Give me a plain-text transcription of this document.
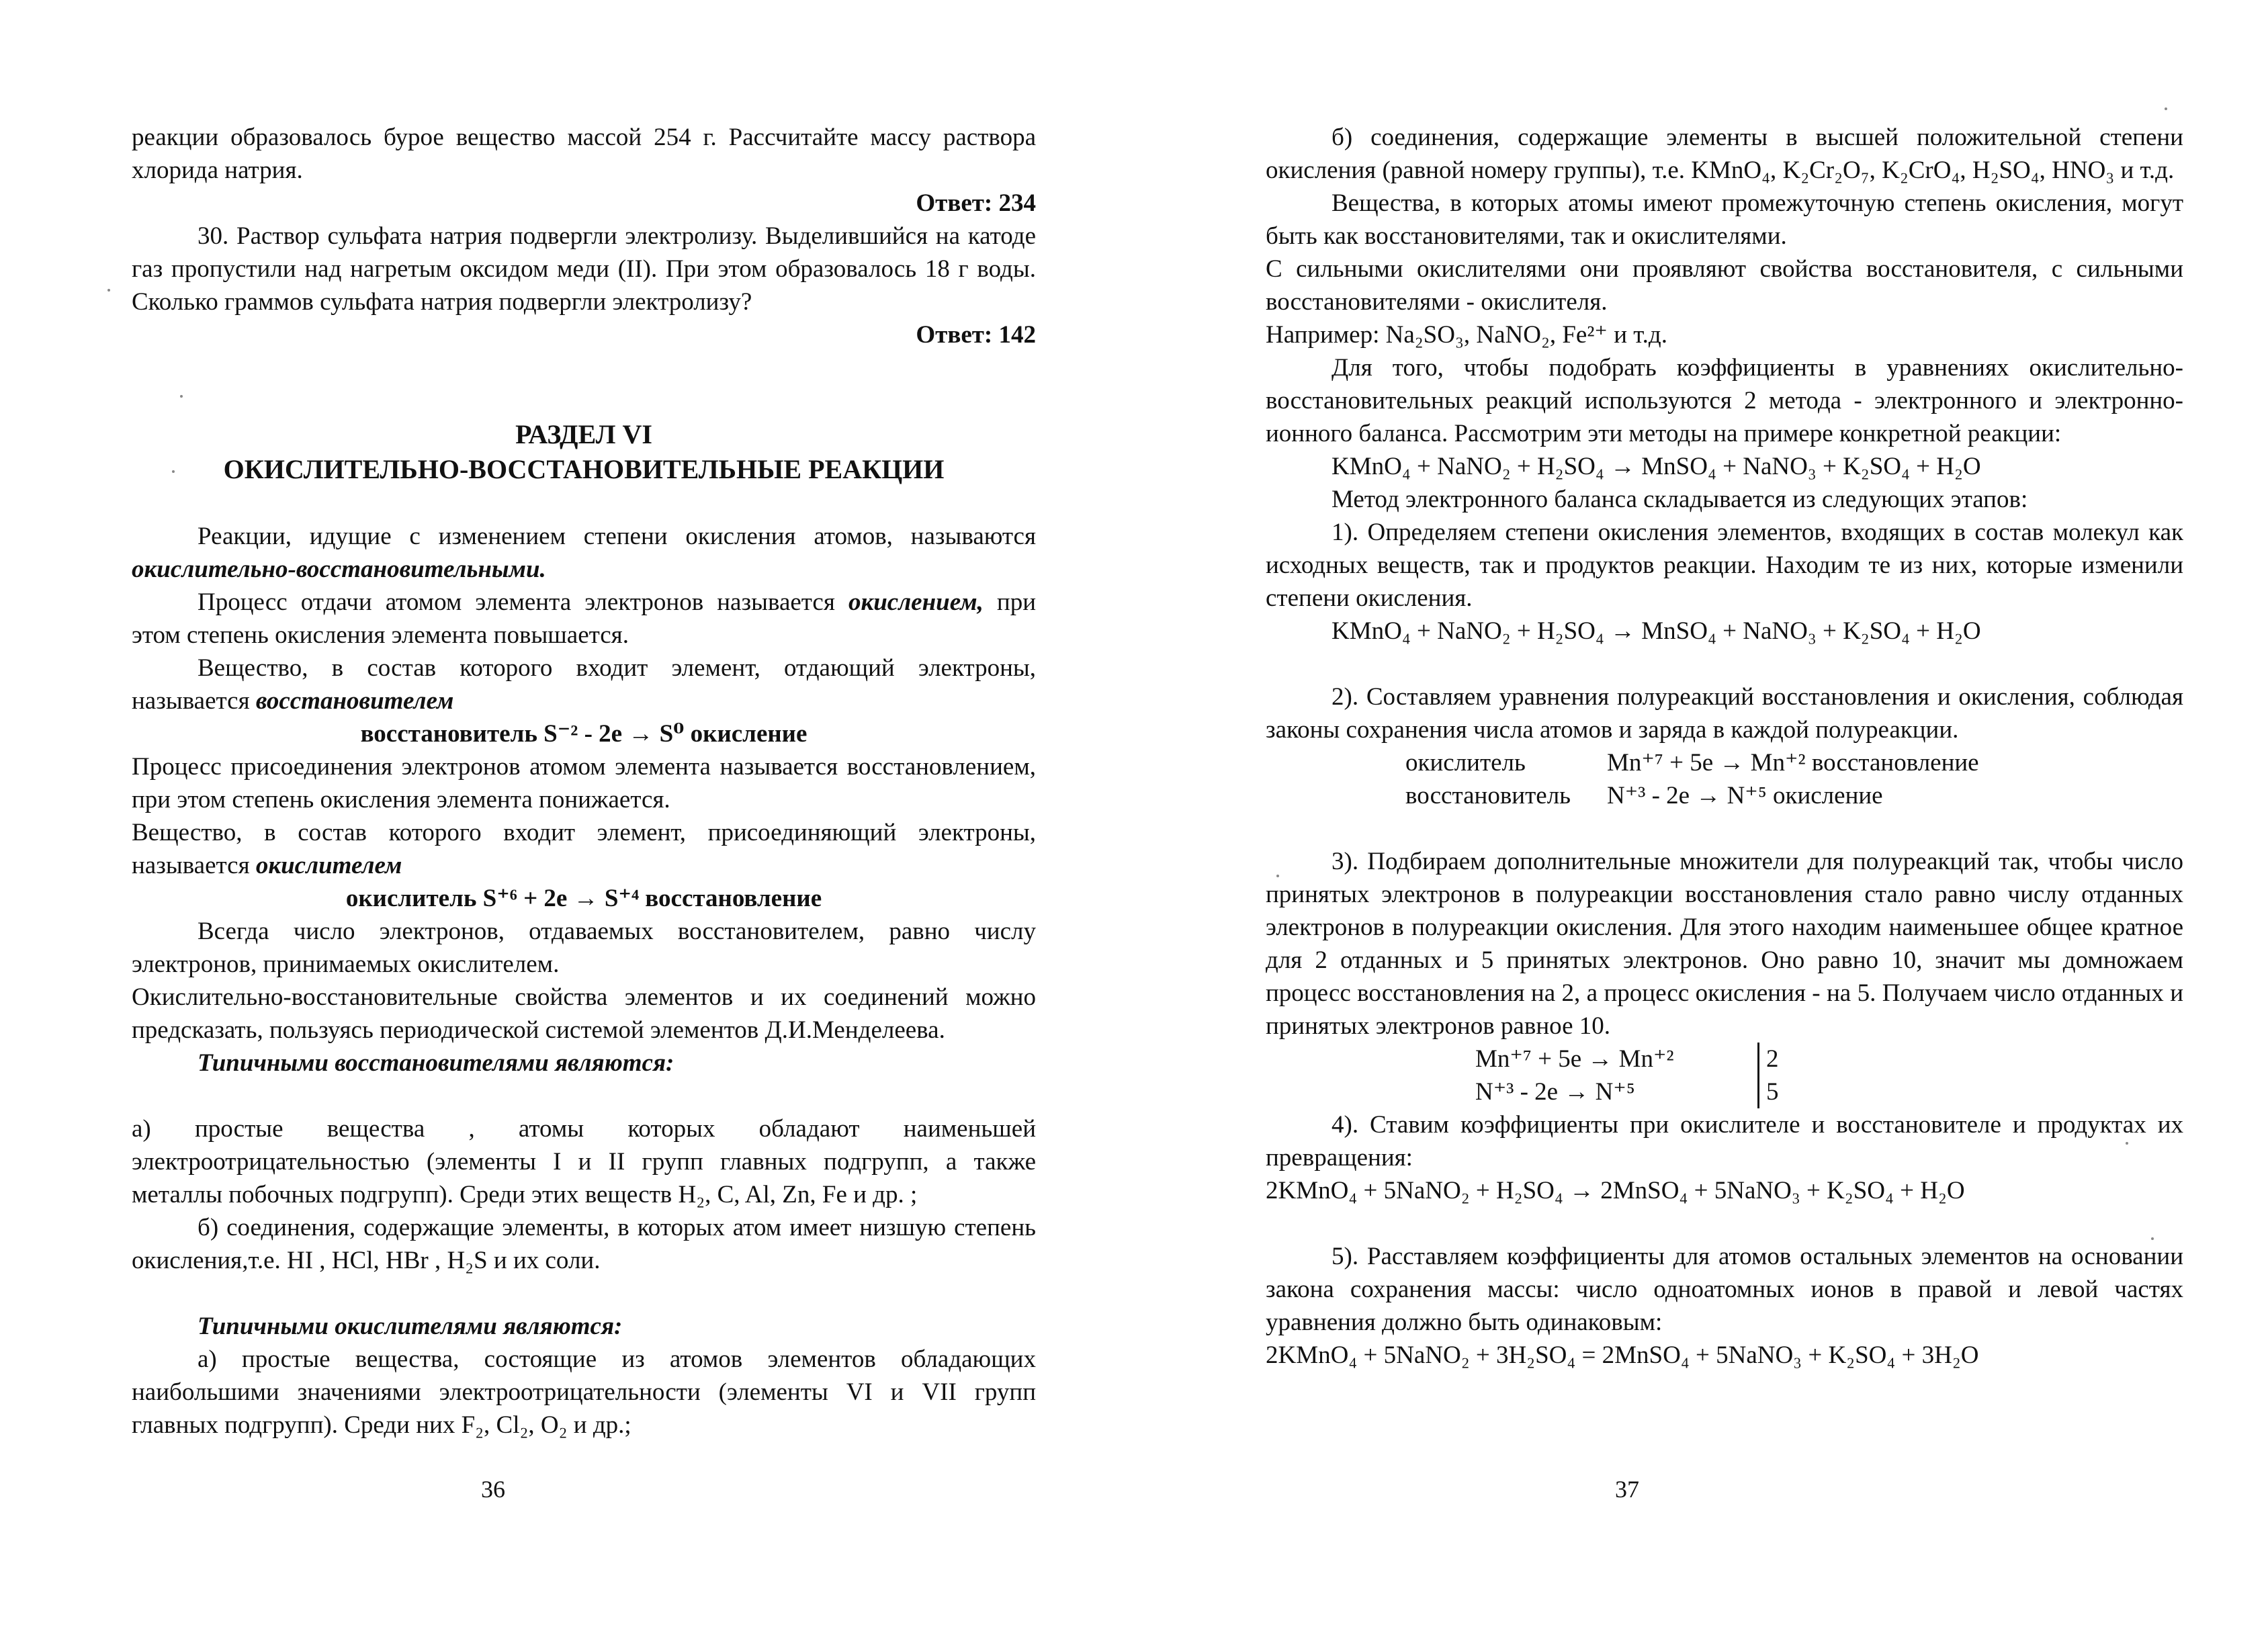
реакции образовалось бурое вещество массой 254 г. Рассчитайте массу раствора хлорида натрия.

Ответ: 234

30. Раствор сульфата натрия подвергли электролизу. Выделившийся на катоде газ пропустили над нагретым оксидом меди (II). При этом образовалось 18 г воды. Сколько граммов сульфата натрия подвергли электролизу?

Ответ: 142

РАЗДЕЛ VI
ОКИСЛИТЕЛЬНО-ВОССТАНОВИТЕЛЬНЫЕ РЕАКЦИИ

Реакции, идущие с изменением степени окисления атомов, называются окислительно-восстановительными.

Процесс отдачи атомом элемента электронов называется окислением, при этом степень окисления элемента повышается.

Вещество, в состав которого входит элемент, отдающий электроны, называется восстановителем

восстановитель S⁻² - 2e → S⁰ окисление

Процесс присоединения электронов атомом элемента называется восстановлением, при этом степень окисления элемента понижается.

Вещество, в состав которого входит элемент, присоединяющий электроны, называется окислителем

окислитель S⁺⁶ + 2e → S⁺⁴ восстановление

Всегда число электронов, отдаваемых восстановителем, равно числу электронов, принимаемых окислителем.

Окислительно-восстановительные свойства элементов и их соединений можно предсказать, пользуясь периодической системой элементов Д.И.Менделеева.

Типичными восстановителями являются:

а) простые вещества , атомы которых обладают наименьшей электроотрицательностью (элементы I и II групп главных подгрупп, а также металлы побочных подгрупп). Среди этих веществ H₂, C, Al, Zn, Fe и др. ;

б) соединения, содержащие элементы, в которых атом имеет низшую степень окисления,т.е. HI , HCl, HBr , H₂S и их соли.

Типичными окислителями являются:

а) простые вещества, состоящие из атомов элементов обладающих наибольшими значениями электроотрицательности (элементы VI и VII групп главных подгрупп). Среди них F₂, Cl₂, O₂ и др.;

36

б) соединения, содержащие элементы в высшей положительной степени окисления (равной номеру группы), т.е. KMnO₄, K₂Cr₂O₇, K₂CrO₄, H₂SO₄, HNO₃ и т.д.

Вещества, в которых атомы имеют промежуточную степень окисления, могут быть как восстановителями, так и окислителями.

С сильными окислителями они проявляют свойства восстановителя, с сильными восстановителями - окислителя.

Например: Na₂SO₃, NaNO₂, Fe²⁺ и т.д.

Для того, чтобы подобрать коэффициенты в уравнениях окислительно-восстановительных реакций используются 2 метода - электронного и электронно-ионного баланса. Рассмотрим эти методы на примере конкретной реакции:

KMnO₄ + NaNO₂ + H₂SO₄ → MnSO₄ + NaNO₃ + K₂SO₄ + H₂O

Метод электронного баланса складывается из следующих этапов:

1). Определяем степени окисления элементов, входящих в состав молекул как исходных веществ, так и продуктов реакции. Находим те из них, которые изменили степени окисления.

KMnO₄ + NaNO₂ + H₂SO₄ → MnSO₄ + NaNO₃ + K₂SO₄ + H₂O

2). Составляем уравнения полуреакций восстановления и окисления, соблюдая законы сохранения числа атомов и заряда в каждой полуреакции.

окислитель	Mn⁺⁷ + 5e → Mn⁺² восстановление
восстановитель	N⁺³ - 2e → N⁺⁵ окисление

3). Подбираем дополнительные множители для полуреакций так, чтобы число принятых электронов в полуреакции восстановления стало равно числу отданных электронов в полуреакции окисления. Для этого находим наименьшее общее кратное для 2 отданных и 5 принятых электронов. Оно равно 10, значит мы домножаем процесс восстановления на 2, а процесс окисления - на 5. Получаем число отданных и принятых электронов равное 10.

Mn⁺⁷ + 5e → Mn⁺²	2
N⁺³ - 2e → N⁺⁵	5

4). Ставим коэффициенты при окислителе и восстановителе и продуктах их превращения:

2KMnO₄ + 5NaNO₂ + H₂SO₄ → 2MnSO₄ + 5NaNO₃ + K₂SO₄ + H₂O

5). Расставляем коэффициенты для атомов остальных элементов на основании закона сохранения массы: число одноатомных ионов в правой и левой частях уравнения должно быть одинаковым:

2KMnO₄ + 5NaNO₂ + 3H₂SO₄ = 2MnSO₄ + 5NaNO₃ + K₂SO₄ + 3H₂O

37
